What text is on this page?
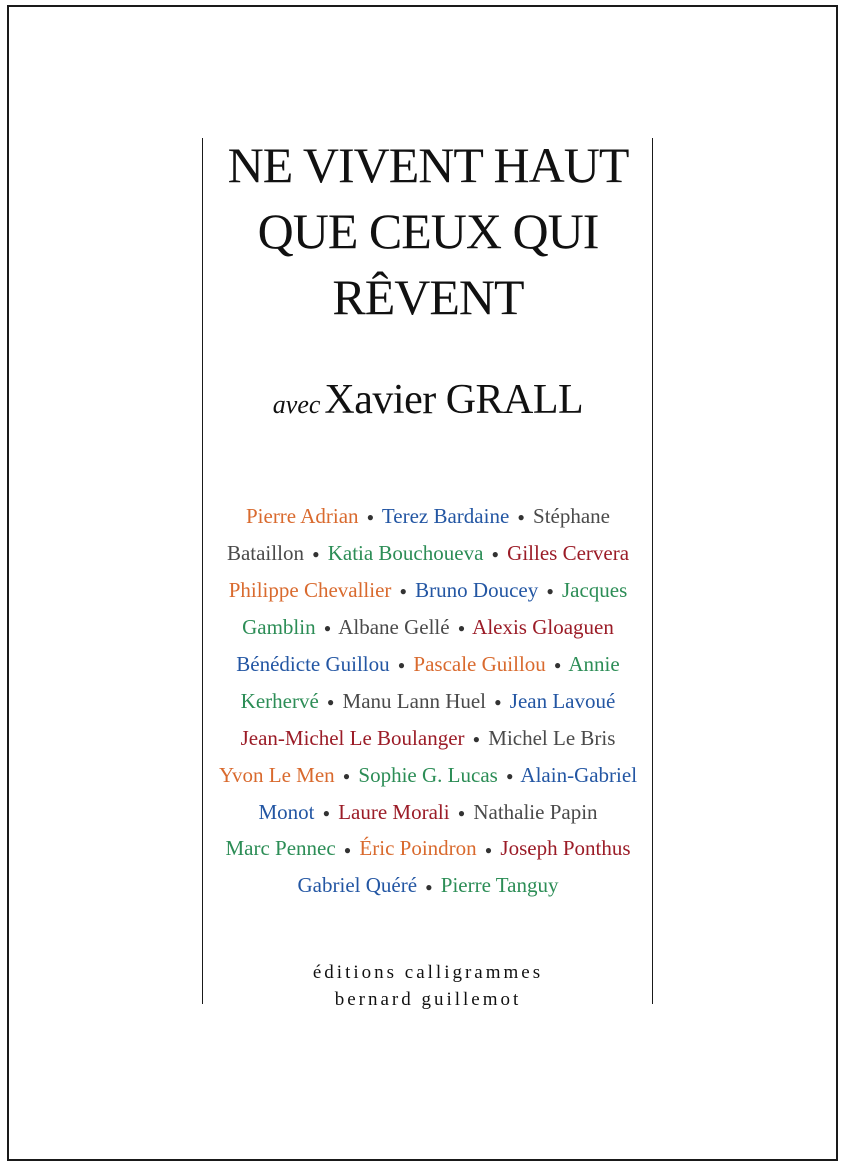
NE VIVENT HAUT
QUE CEUX QUI
RÊVENT
avec Xavier GRALL
Pierre Adrian ● Terez Bardaine ● Stéphane
Bataillon ● Katia Bouchoueva ● Gilles Cervera
Philippe Chevallier ● Bruno Doucey ● Jacques
Gamblin ● Albane Gellé ● Alexis Gloaguen
Bénédicte Guillou ● Pascale Guillou ● Annie
Kerhervé ● Manu Lann Huel ● Jean Lavoué
Jean-Michel Le Boulanger ● Michel Le Bris
Yvon Le Men ● Sophie G. Lucas ● Alain-Gabriel
Monot ● Laure Morali ● Nathalie Papin
Marc Pennec ● Éric Poindron ● Joseph Ponthus
Gabriel Quéré ● Pierre Tanguy
éditions calligrammes
bernard guillemot
